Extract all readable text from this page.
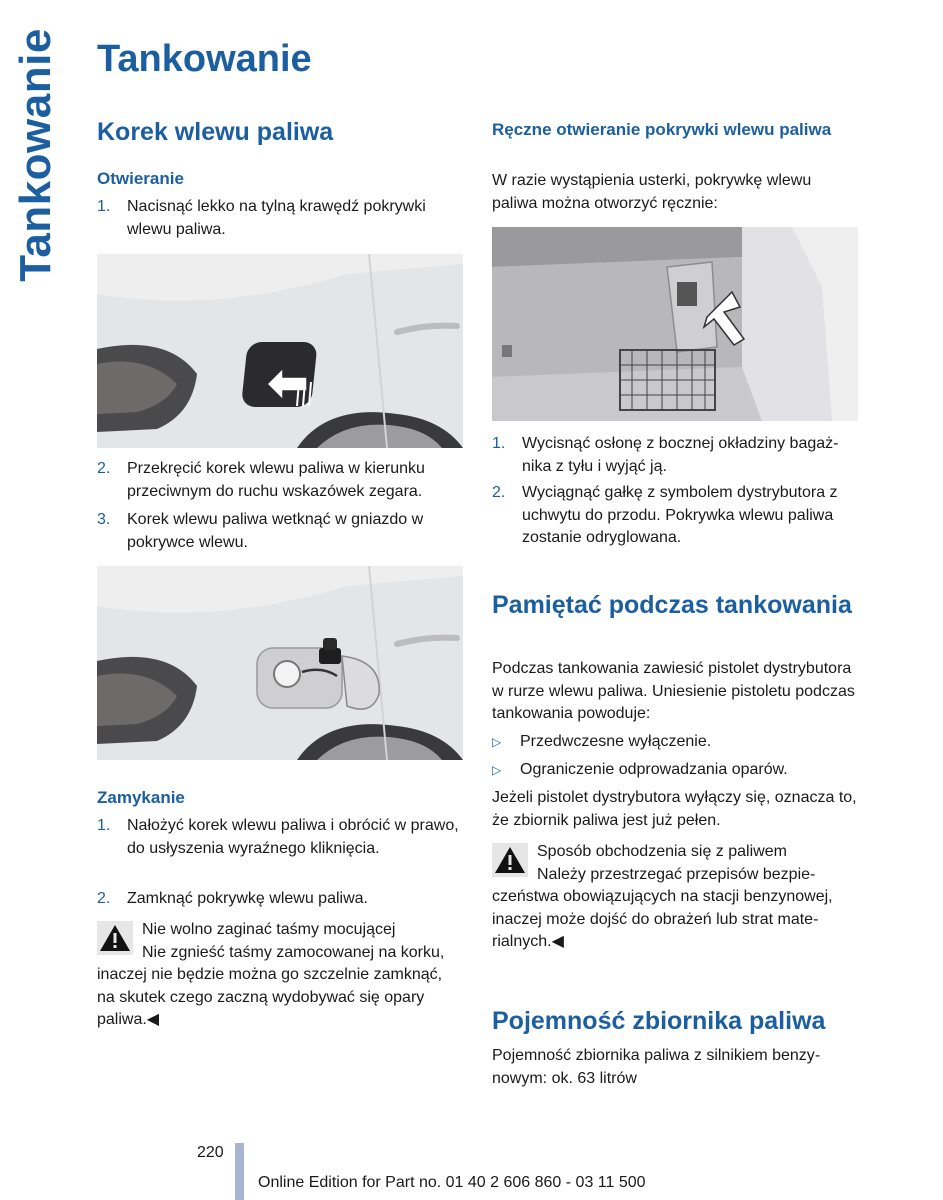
Tankowanie Tankowanie
Korek wlewu paliwa
Otwieranie
1.	Nacisnąć lekko na tylną krawędź pokrywki wlewu paliwa.
2.	Przekręcić korek wlewu paliwa w kierunku przeciwnym do ruchu wskazówek zegara.
3.	Korek wlewu paliwa wetknąć w gniazdo w pokrywce wlewu.
Zamykanie
1.	Nałożyć korek wlewu paliwa i obrócić w prawo, do usłyszenia wyraźnego kliknięcia.
2.	Zamknąć pokrywkę wlewu paliwa.

Nie wolno zaginać taśmy mocującej

Nie zgnieść taśmy zamocowanej na korku, inaczej nie będzie można go szczelnie zamknąć, na skutek czego zaczną wydobywać się opary paliwa.◀

Ręczne otwieranie pokrywki wlewu paliwa

W razie wystąpienia usterki, pokrywkę wlewu paliwa można otworzyć ręcznie:

1.	Wycisnąć osłonę z bocznej okładziny bagażnika z tyłu i wyjąć ją.
2.	Wyciągnąć gałkę z symbolem dystrybutora z uchwytu do przodu. Pokrywka wlewu paliwa zostanie odryglowana.
Pamiętać podczas tankowania

Podczas tankowania zawiesić pistolet dystrybutora w rurze wlewu paliwa. Uniesienie pistoletu podczas tankowania powoduje:

▷	Przedwczesne wyłączenie.
▷	Ograniczenie odprowadzania oparów.

Jeżeli pistolet dystrybutora wyłączy się, oznacza to, że zbiornik paliwa jest już pełen.

Sposób obchodzenia się z paliwem

Należy przestrzegać przepisów bezpieczeństwa obowiązujących na stacji benzynowej, inaczej może dojść do obrażeń lub strat materialnych.◀

Pojemność zbiornika paliwa

Pojemność zbiornika paliwa z silnikiem benzynowym: ok. 63 litrów

220
Online Edition for Part no. 01 40 2 606 860 - 03 11 500
